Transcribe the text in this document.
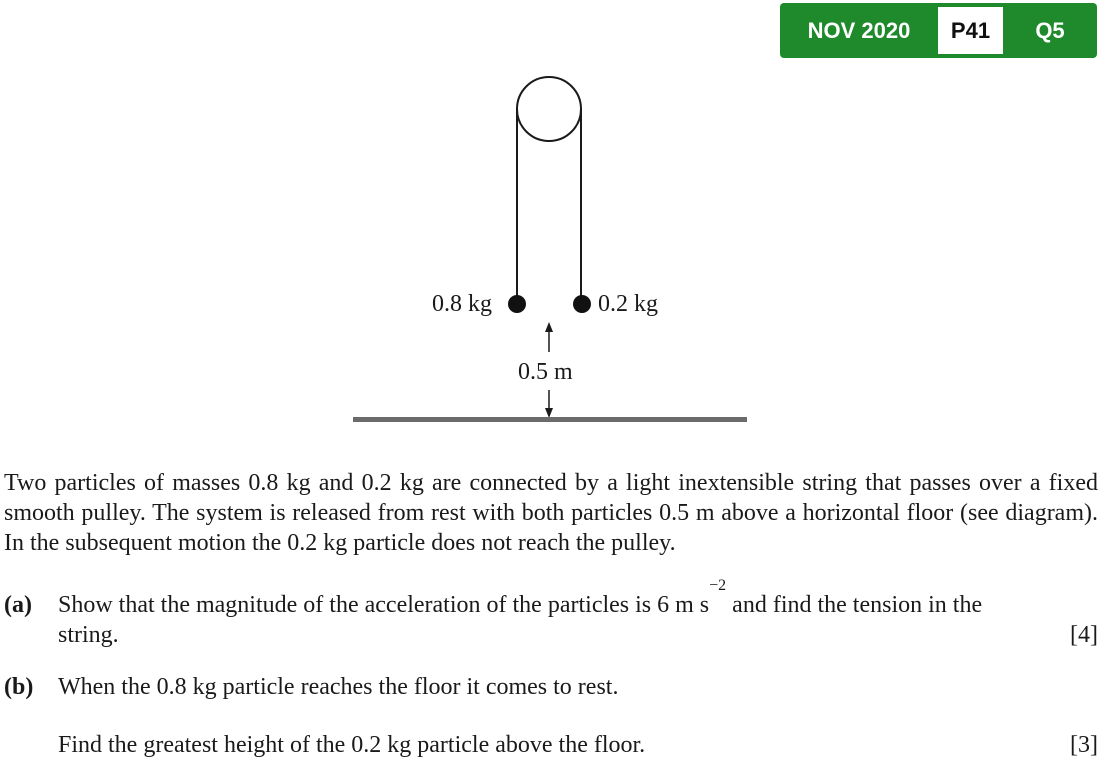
NOV 2020	P41	Q5
0.8 kg	0.2 kg
0.5 m
Two particles of masses 0.8 kg and 0.2 kg are connected by a light inextensible string that passes over a fixed smooth pulley. The system is released from rest with both particles 0.5 m above a horizontal floor (see diagram). In the subsequent motion the 0.2 kg particle does not reach the pulley.
(a) Show that the magnitude of the acceleration of the particles is 6 m $s^{-2}$ and find the tension in the
string.	[4]
(b) When the 0.8 kg particle reaches the floor it comes to rest.
Find the greatest height of the 0.2 kg particle above the floor.	[3]
